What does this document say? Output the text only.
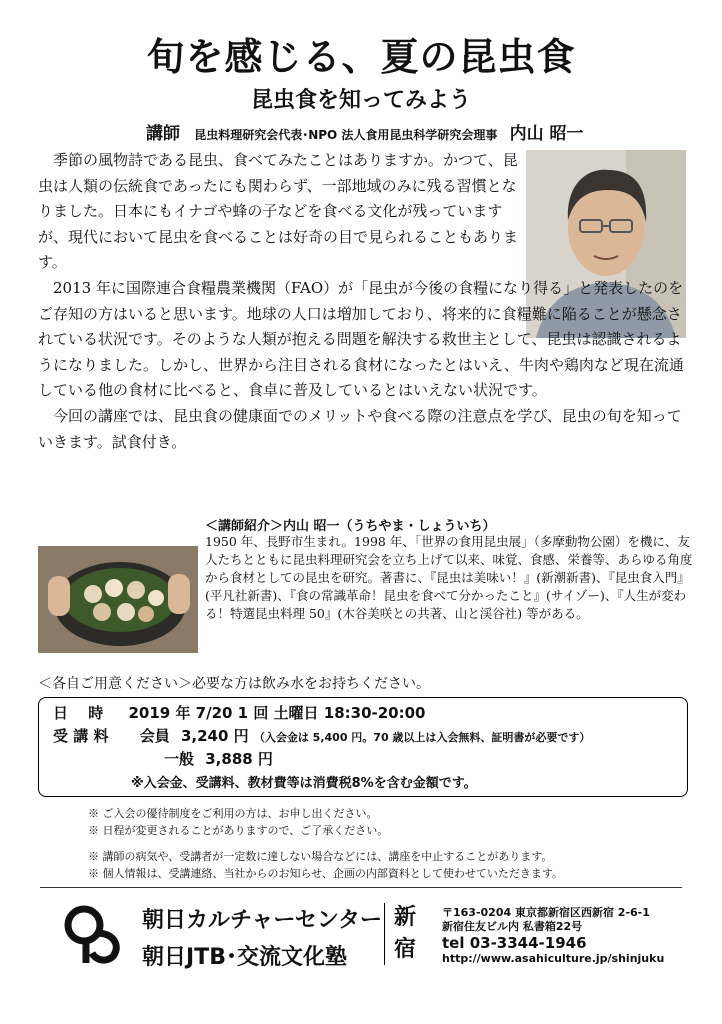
旬を感じる、夏の昆虫食
昆虫食を知ってみよう
講師 昆虫料理研究会代表･NPO 法人食用昆虫科学研究会理事 内山 昭一

季節の風物詩である昆虫、食べてみたことはありますか。かつて、昆虫は人類の伝統食であったにも関わらず、一部地域のみに残る習慣となりました。日本にもイナゴや蜂の子などを食べる文化が残っていますが、現代において昆虫を食べることは好奇の目で見られることもあります。

2013 年に国際連合食糧農業機関（FAO）が「昆虫が今後の食糧になり得る」と発表したのをご存知の方はいると思います。地球の人口は増加しており、将来的に食糧難に陥ることが懸念されている状況です。そのような人類が抱える問題を解決する救世主として、昆虫は認識されるようになりました。しかし、世界から注目される食材になったとはいえ、牛肉や鶏肉など現在流通している他の食材に比べると、食卓に普及しているとはいえない状況です。

今回の講座では、昆虫食の健康面でのメリットや食べる際の注意点を学び、昆虫の旬を知っていきます。試食付き。

＜講師紹介＞内山 昭一（うちやま・しょういち）
1950 年、長野市生まれ。1998 年、「世界の食用昆虫展」（多摩動物公園）を機に、友人たちとともに昆虫料理研究会を立ち上げて以来、味覚、食感、栄養等、あらゆる角度から食材としての昆虫を研究。著書に、『昆虫は美味い！』(新潮新書)、『昆虫食入門』(平凡社新書)、『食の常識革命！昆虫を食べて分かったこと』(サイゾー)、『人生が変わる！特選昆虫料理 50』(木谷美咲との共著、山と渓谷社) 等がある。
＜各自ご用意ください＞必要な方は飲み水をお持ちください。
日　 時 2019 年 7/20 1 回 土曜日 18:30-20:00
受 講 料 会員 3,240 円 （入会金は 5,400 円。70 歳以上は入会無料、証明書が必要です）
一般 3,888 円
※入会金、受講料、教材費等は消費税8%を含む金額です。
※ ご入会の優待制度をご利用の方は、お申し出ください。
※ 日程が変更されることがありますので、ご了承ください。
※ 講師の病気や、受講者が一定数に達しない場合などには、講座を中止することがあります。
※ 個人情報は、受講連絡、当社からのお知らせ、企画の内部資料として使わせていただきます。
朝日カルチャーセンター
朝日JTB･交流文化塾
新
宿
〒163-0204 東京都新宿区西新宿 2-6-1
新宿住友ビル内 私書箱22号
tel 03-3344-1946
http://www.asahiculture.jp/shinjuku
